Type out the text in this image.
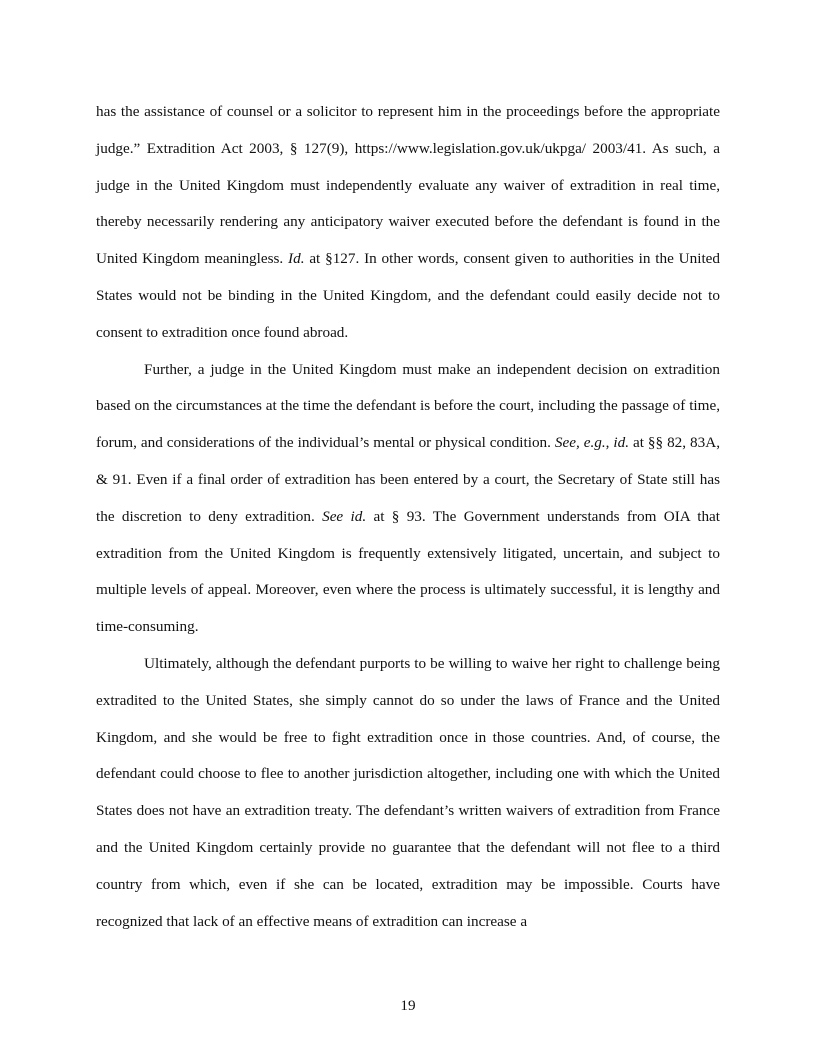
has the assistance of counsel or a solicitor to represent him in the proceedings before the appropriate judge.” Extradition Act 2003, § 127(9), https://www.legislation.gov.uk/ukpga/ 2003/41. As such, a judge in the United Kingdom must independently evaluate any waiver of extradition in real time, thereby necessarily rendering any anticipatory waiver executed before the defendant is found in the United Kingdom meaningless. Id. at §127. In other words, consent given to authorities in the United States would not be binding in the United Kingdom, and the defendant could easily decide not to consent to extradition once found abroad.

Further, a judge in the United Kingdom must make an independent decision on extradition based on the circumstances at the time the defendant is before the court, including the passage of time, forum, and considerations of the individual’s mental or physical condition. See, e.g., id. at §§ 82, 83A, & 91. Even if a final order of extradition has been entered by a court, the Secretary of State still has the discretion to deny extradition. See id. at § 93. The Government understands from OIA that extradition from the United Kingdom is frequently extensively litigated, uncertain, and subject to multiple levels of appeal. Moreover, even where the process is ultimately successful, it is lengthy and time-consuming.

Ultimately, although the defendant purports to be willing to waive her right to challenge being extradited to the United States, she simply cannot do so under the laws of France and the United Kingdom, and she would be free to fight extradition once in those countries. And, of course, the defendant could choose to flee to another jurisdiction altogether, including one with which the United States does not have an extradition treaty. The defendant’s written waivers of extradition from France and the United Kingdom certainly provide no guarantee that the defendant will not flee to a third country from which, even if she can be located, extradition may be impossible. Courts have recognized that lack of an effective means of extradition can increase a

19
